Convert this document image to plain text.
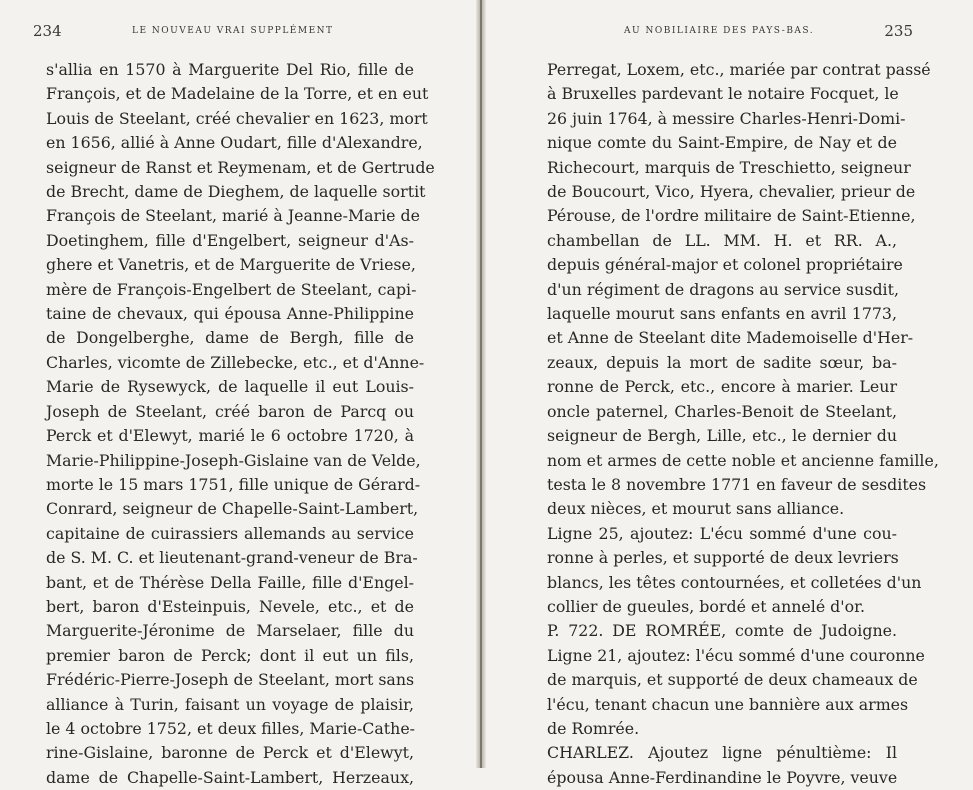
234	LE NOUVEAU VRAI SUPPLÉMENT
s'allia en 1570 à Marguerite Del Rio, fille de
François, et de Madelaine de la Torre, et en eut
Louis de Steelant, créé chevalier en 1623, mort
en 1656, allié à Anne Oudart, fille d'Alexandre,
seigneur de Ranst et Reymenam, et de Gertrude
de Brecht, dame de Dieghem, de laquelle sortit
François de Steelant, marié à Jeanne-Marie de
Doetinghem, fille d'Engelbert, seigneur d'As-
ghere et Vanetris, et de Marguerite de Vriese,
mère de François-Engelbert de Steelant, capi-
taine de chevaux, qui épousa Anne-Philippine
de Dongelberghe, dame de Bergh, fille de
Charles, vicomte de Zillebecke, etc., et d'Anne-
Marie de Rysewyck, de laquelle il eut Louis-
Joseph de Steelant, créé baron de Parcq ou
Perck et d'Elewyt, marié le 6 octobre 1720, à
Marie-Philippine-Joseph-Gislaine van de Velde,
morte le 15 mars 1751, fille unique de Gérard-
Conrard, seigneur de Chapelle-Saint-Lambert,
capitaine de cuirassiers allemands au service
de S. M. C. et lieutenant-grand-veneur de Bra-
bant, et de Thérèse Della Faille, fille d'Engel-
bert, baron d'Esteinpuis, Nevele, etc., et de
Marguerite-Jéronime de Marselaer, fille du
premier baron de Perck; dont il eut un fils,
Frédéric-Pierre-Joseph de Steelant, mort sans
alliance à Turin, faisant un voyage de plaisir,
le 4 octobre 1752, et deux filles, Marie-Cathe-
rine-Gislaine, baronne de Perck et d'Elewyt,
dame de Chapelle-Saint-Lambert, Herzeaux,
235
AU NOBILIAIRE DES PAYS-BAS.
Perregat, Loxem, etc., mariée par contrat passé
à Bruxelles pardevant le notaire Focquet, le
26 juin 1764, à messire Charles-Henri-Domi-
nique comte du Saint-Empire, de Nay et de
Richecourt, marquis de Treschietto, seigneur
de Boucourt, Vico, Hyera, chevalier, prieur de
Pérouse, de l'ordre militaire de Saint-Etienne,
chambellan de LL. MM. H. et RR. A.,
depuis général-major et colonel propriétaire
d'un régiment de dragons au service susdit,
laquelle mourut sans enfants en avril 1773,
et Anne de Steelant dite Mademoiselle d'Her-
zeaux, depuis la mort de sadite sœur, ba-
ronne de Perck, etc., encore à marier. Leur
oncle paternel, Charles-Benoit de Steelant,
seigneur de Bergh, Lille, etc., le dernier du
nom et armes de cette noble et ancienne famille,
testa le 8 novembre 1771 en faveur de sesdites
deux nièces, et mourut sans alliance.
Ligne 25, ajoutez: L'écu sommé d'une cou-
ronne à perles, et supporté de deux levriers
blancs, les têtes contournées, et colletées d'un
collier de gueules, bordé et annelé d'or.
P. 722. DE ROMRÉE, comte de Judoigne.
Ligne 21, ajoutez: l'écu sommé d'une couronne
de marquis, et supporté de deux chameaux de
l'écu, tenant chacun une bannière aux armes
de Romrée.
CHARLEZ. Ajoutez ligne pénultième: Il
épousa Anne-Ferdinandine le Poyvre, veuve
